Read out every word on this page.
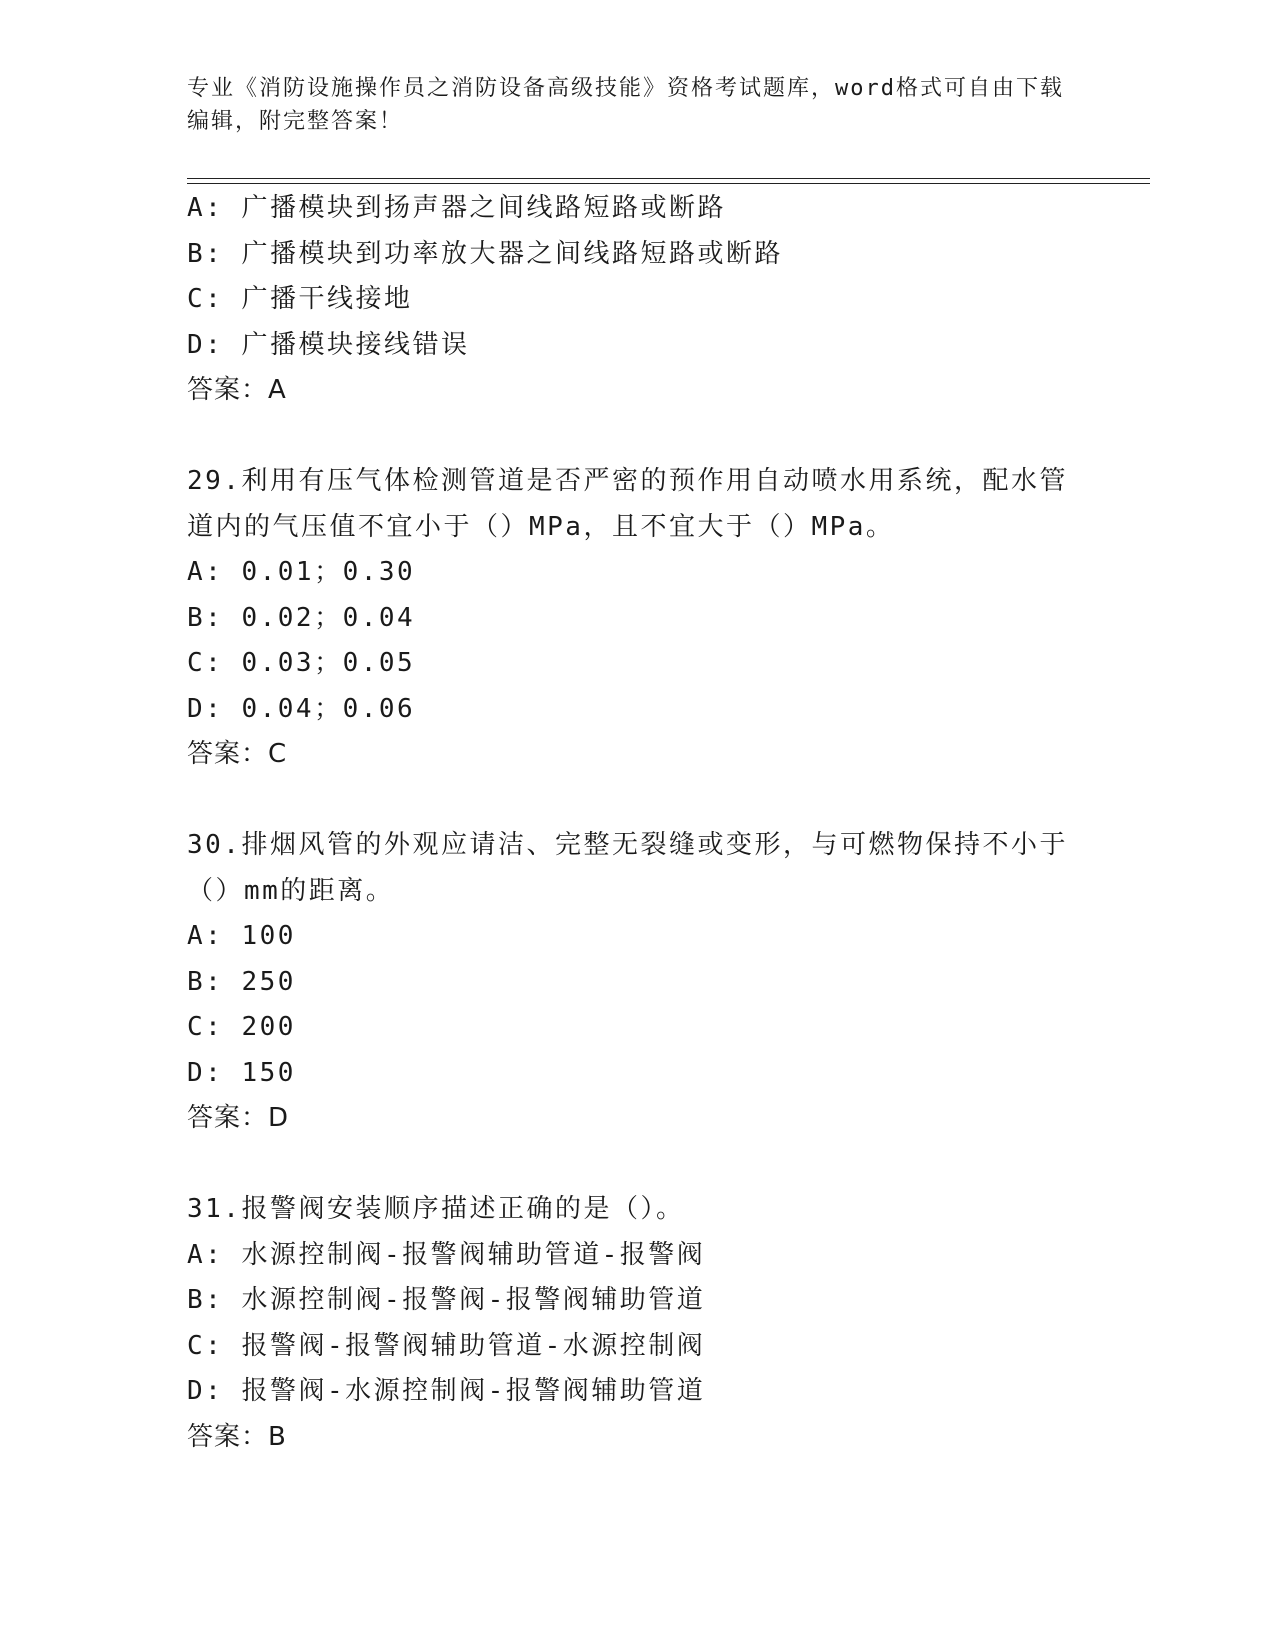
专业《消防设施操作员之消防设备高级技能》资格考试题库，word格式可自由下载编辑，附完整答案！
A: 广播模块到扬声器之间线路短路或断路
B: 广播模块到功率放大器之间线路短路或断路
C: 广播干线接地
D: 广播模块接线错误
答案：A
29.利用有压气体检测管道是否严密的预作用自动喷水用系统，配水管道内的气压值不宜小于（）MPa，且不宜大于（）MPa。
A: 0.01；0.30
B: 0.02；0.04
C: 0.03；0.05
D: 0.04；0.06
答案：C
30.排烟风管的外观应请洁、完整无裂缝或变形，与可燃物保持不小于（）mm的距离。
A: 100
B: 250
C: 200
D: 150
答案：D
31.报警阀安装顺序描述正确的是（）。
A: 水源控制阀-报警阀辅助管道-报警阀
B: 水源控制阀-报警阀-报警阀辅助管道
C: 报警阀-报警阀辅助管道-水源控制阀
D: 报警阀-水源控制阀-报警阀辅助管道
答案：B
